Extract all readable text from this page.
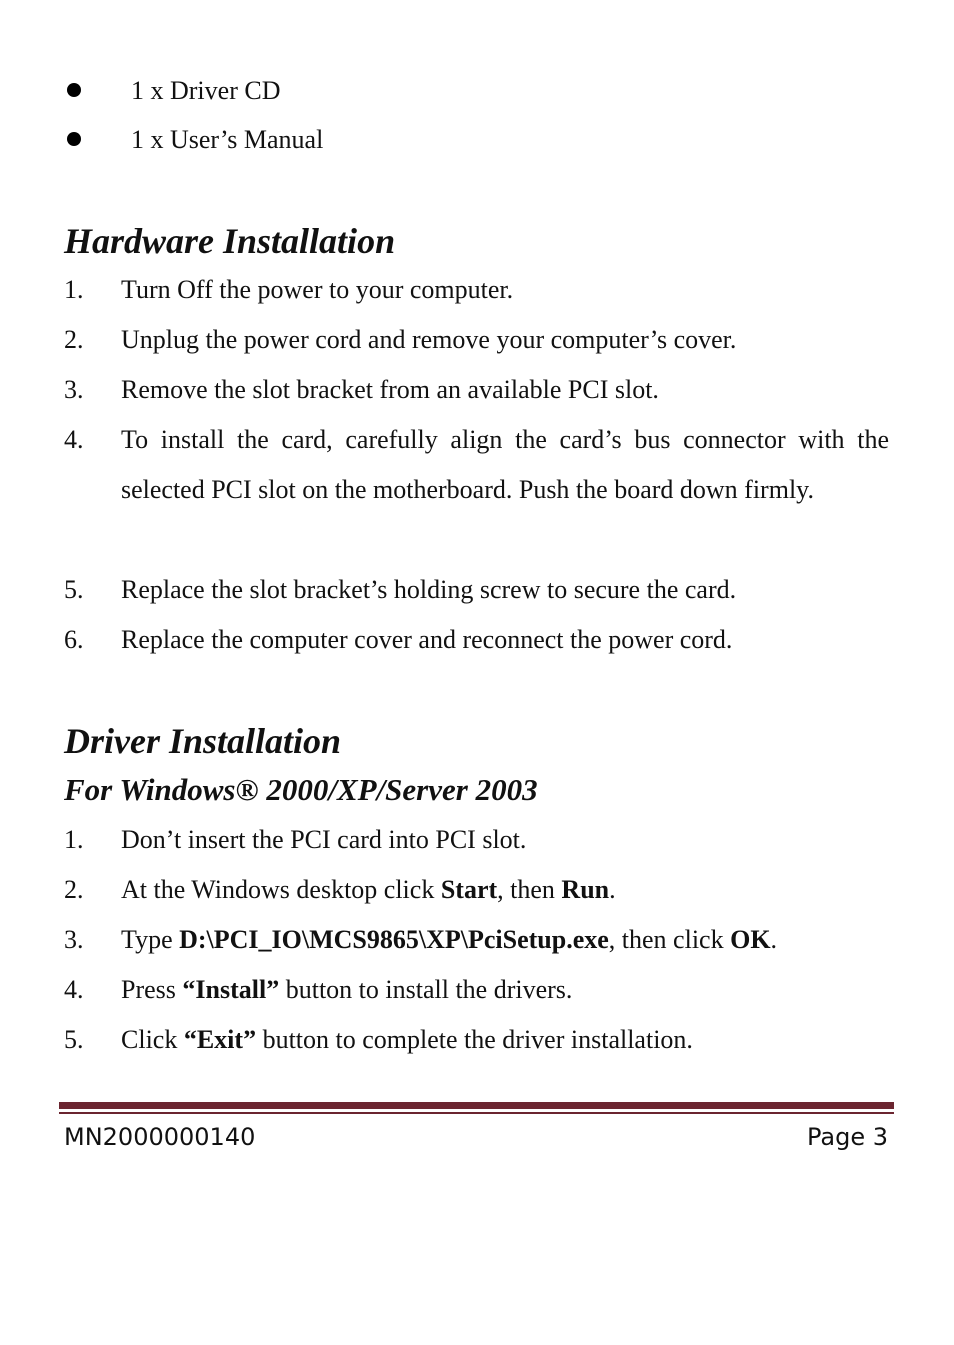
1 x Driver CD
1 x User’s Manual
Hardware Installation
1. Turn Off the power to your computer.
2. Unplug the power cord and remove your computer’s cover.
3. Remove the slot bracket from an available PCI slot.
4. To install the card, carefully align the card’s bus connector with the selected PCI slot on the motherboard. Push the board down firmly.
5. Replace the slot bracket’s holding screw to secure the card.
6. Replace the computer cover and reconnect the power cord.
Driver Installation
For Windows® 2000/XP/Server 2003
1. Don’t insert the PCI card into PCI slot.
2. At the Windows desktop click Start, then Run.
3. Type D:\PCI_IO\MCS9865\XP\PciSetup.exe, then click OK.
4. Press “Install” button to install the drivers.
5. Click “Exit” button to complete the driver installation.
MN2000000140	Page 3
